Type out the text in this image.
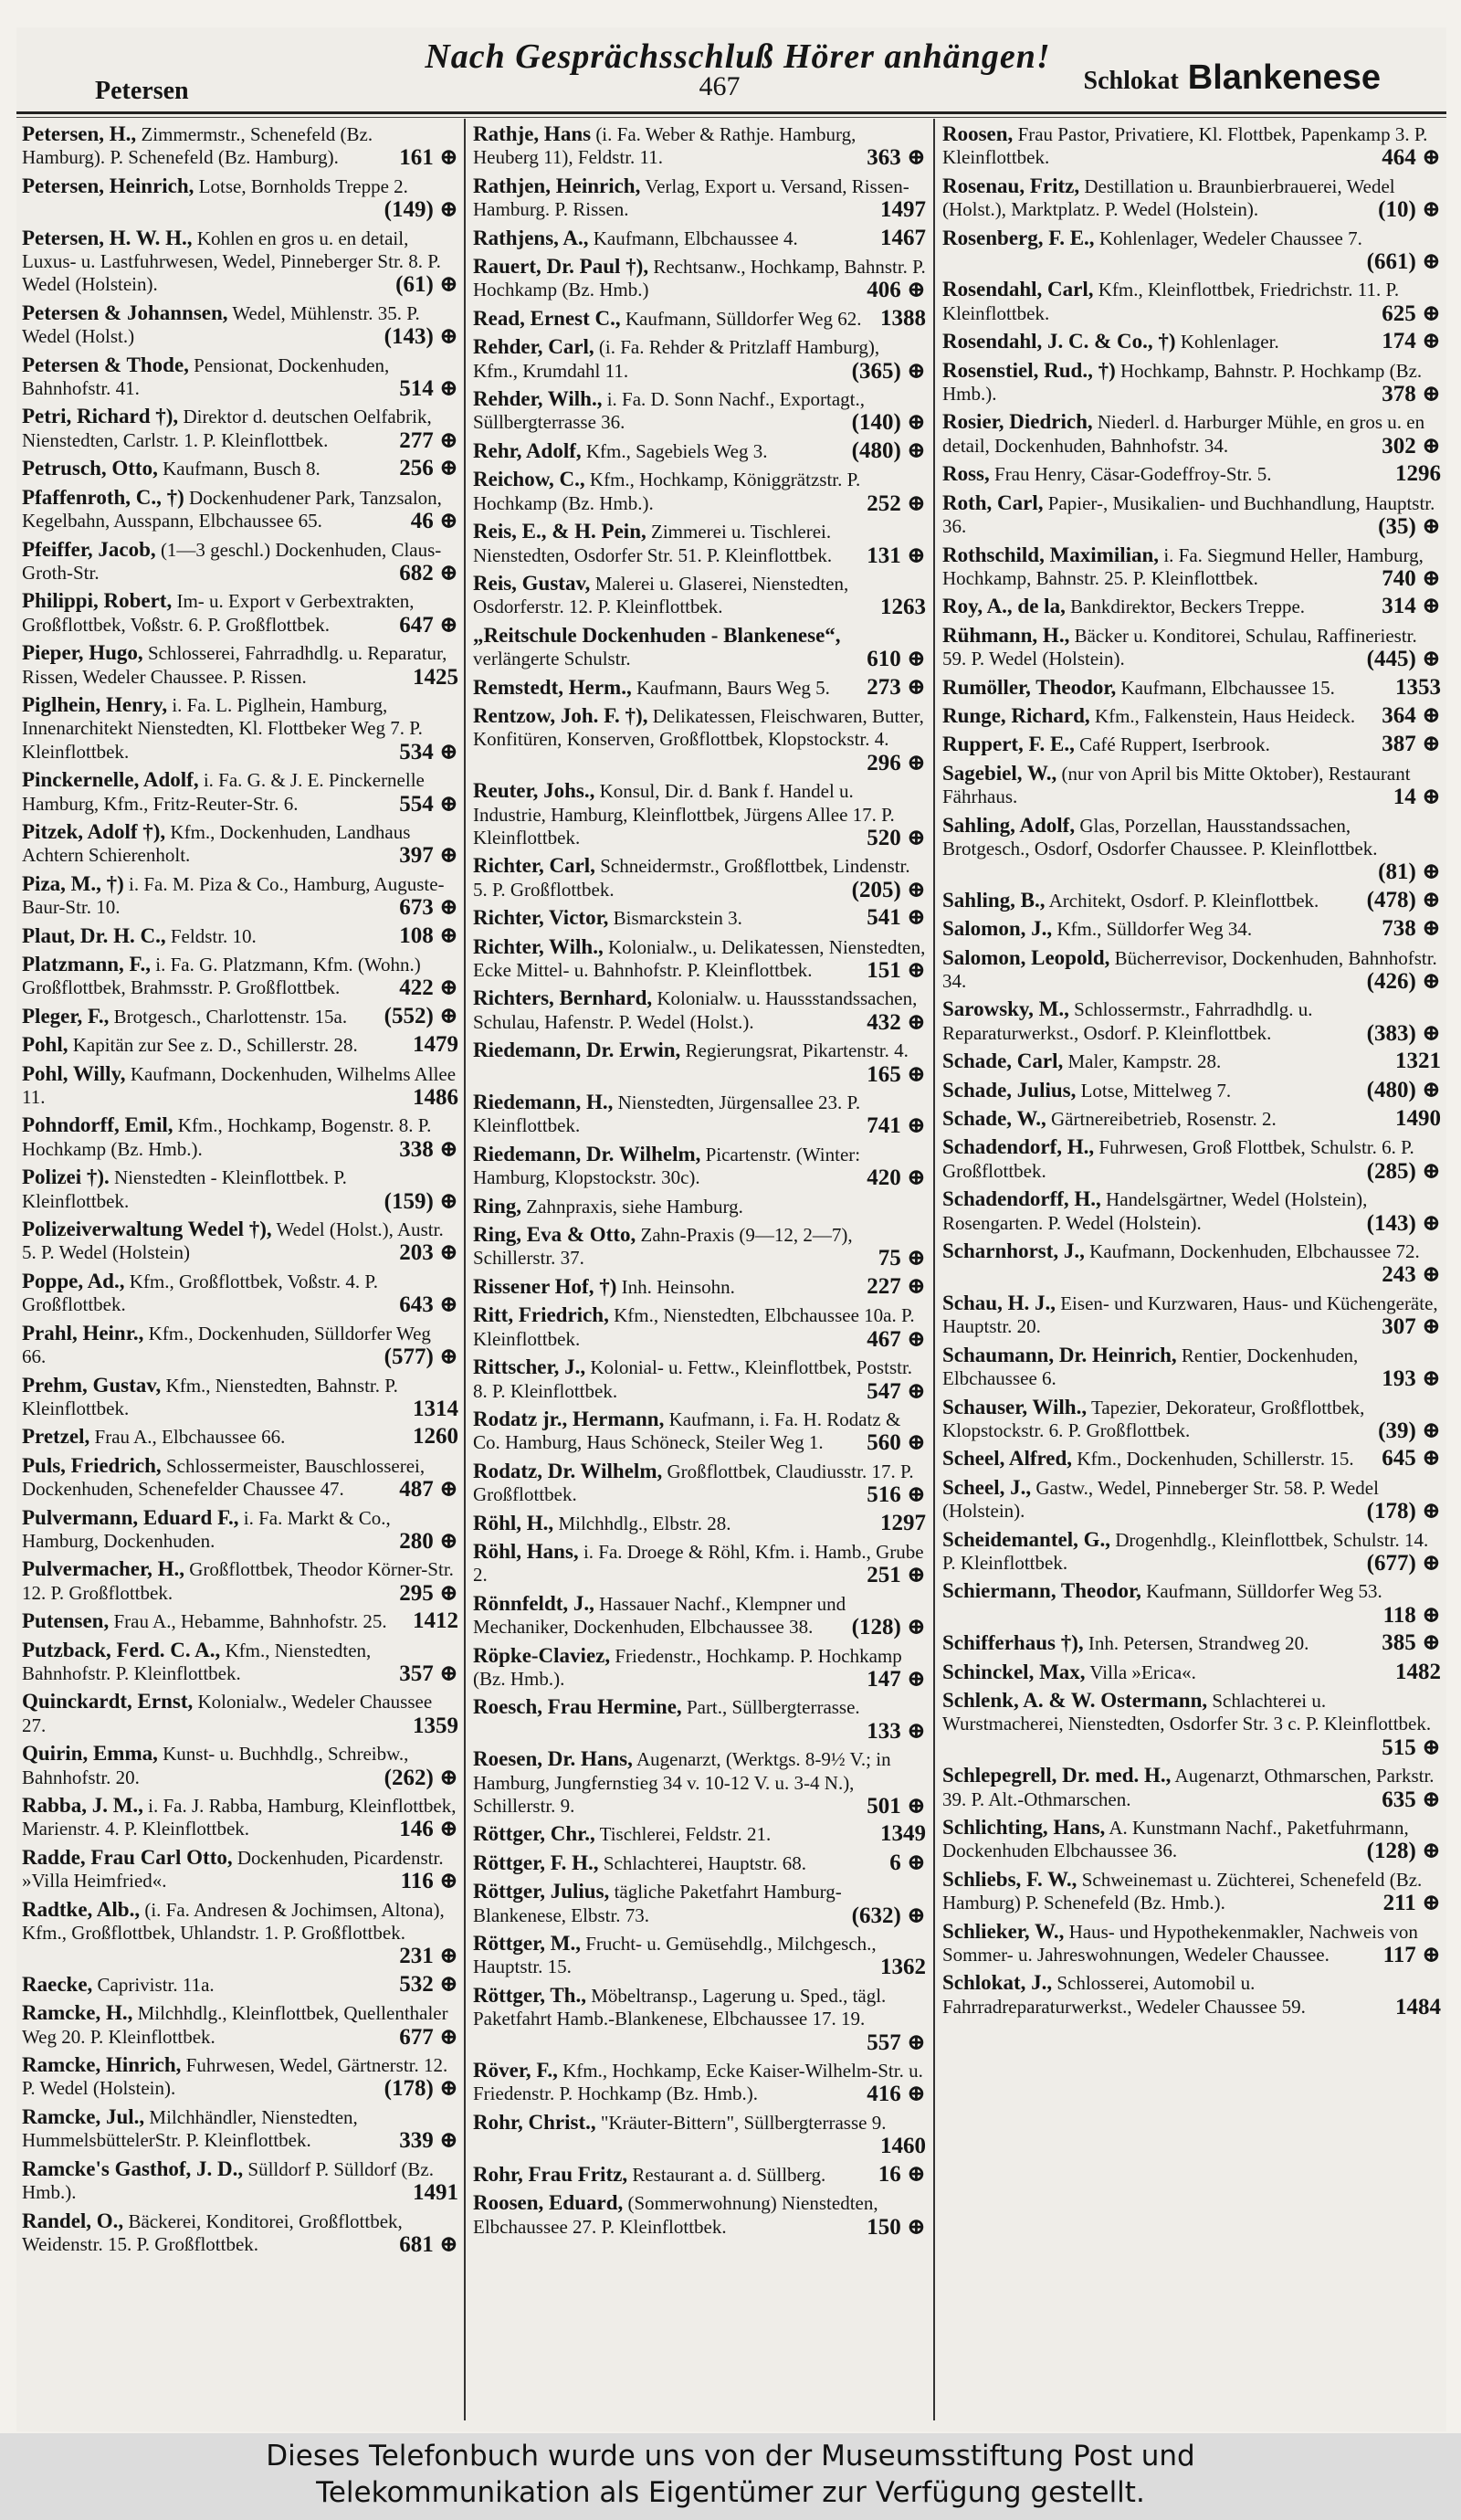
Nach Gesprächsschluß Hörer anhängen!
Petersen	467	Schlokat Blankenese
Petersen, H., Zimmermstr., Schenefeld (Bz. Hamburg). P. Schenefeld (Bz. Hamburg).	161 ⊕
Petersen, Heinrich, Lotse, Bornholds Treppe 2.
(149) ⊕
Petersen, H. W. H., Kohlen en gros u. en detail, Luxus- u. Lastfuhrwesen, Wedel, Pinneberger Str. 8. P. Wedel (Holstein).	(61) ⊕
Petersen & Johannsen, Wedel, Mühlenstr. 35. P. Wedel (Holst.)	(143) ⊕
Petersen & Thode, Pensionat, Dockenhuden, Bahnhofstr. 41.	514 ⊕
Petri, Richard †), Direktor d. deutschen Oelfabrik, Nienstedten, Carlstr. 1. P. Kleinflottbek.	277 ⊕
Petrusch, Otto, Kaufmann, Busch 8.	256 ⊕
Pfaffenroth, C., †) Dockenhudener Park, Tanzsalon, Kegelbahn, Ausspann, Elbchaussee 65.	46 ⊕
Pfeiffer, Jacob, (1—3 geschl.) Dockenhuden, Claus-Groth-Str.	682 ⊕
Philippi, Robert, Im- u. Export v Gerbextrakten, Großflottbek, Voßstr. 6. P. Großflottbek.	647 ⊕
Pieper, Hugo, Schlosserei, Fahrradhdlg. u. Reparatur, Rissen, Wedeler Chaussee. P. Rissen.	1425
Piglhein, Henry, i. Fa. L. Piglhein, Hamburg, Innenarchitekt Nienstedten, Kl. Flottbeker Weg 7. P. Kleinflottbek.	534 ⊕
Pinckernelle, Adolf, i. Fa. G. & J. E. Pinckernelle Hamburg, Kfm., Fritz-Reuter-Str. 6.	554 ⊕
Pitzek, Adolf †), Kfm., Dockenhuden, Landhaus Achtern Schierenholt.	397 ⊕
Piza, M., †) i. Fa. M. Piza & Co., Hamburg, Auguste-Baur-Str. 10.	673 ⊕
Plaut, Dr. H. C., Feldstr. 10.	108 ⊕
Platzmann, F., i. Fa. G. Platzmann, Kfm. (Wohn.) Großflottbek, Brahmsstr. P. Großflottbek.	422 ⊕
Pleger, F., Brotgesch., Charlottenstr. 15a. (552) ⊕
Pohl, Kapitän zur See z. D., Schillerstr. 28. 1479
Pohl, Willy, Kaufmann, Dockenhuden, Wilhelms Allee 11.	1486
Pohndorff, Emil, Kfm., Hochkamp, Bogenstr. 8. P. Hochkamp (Bz. Hmb.).	338 ⊕
Polizei †). Nienstedten - Kleinflottbek. P. Kleinflottbek.	(159) ⊕
Polizeiverwaltung Wedel †), Wedel (Holst.), Austr. 5. P. Wedel (Holstein)	203 ⊕
Poppe, Ad., Kfm., Großflottbek, Voßstr. 4. P. Großflottbek.	643 ⊕
Prahl, Heinr., Kfm., Dockenhuden, Sülldorfer Weg 66.	(577) ⊕
Prehm, Gustav, Kfm., Nienstedten, Bahnstr. P. Kleinflottbek.	1314
Pretzel, Frau A., Elbchaussee 66.	1260
Puls, Friedrich, Schlossermeister, Bauschlosserei, Dockenhuden, Schenefelder Chaussee 47. 487 ⊕
Pulvermann, Eduard F., i. Fa. Markt & Co., Hamburg, Dockenhuden.	280 ⊕
Pulvermacher, H., Großflottbek, Theodor Körner-Str. 12. P. Großflottbek.	295 ⊕
Putensen, Frau A., Hebamme, Bahnhofstr. 25. 1412
Putzback, Ferd. C. A., Kfm., Nienstedten, Bahnhofstr. P. Kleinflottbek.	357 ⊕
Quinckardt, Ernst, Kolonialw., Wedeler Chaussee 27.	1359
Quirin, Emma, Kunst- u. Buchhdlg., Schreibw., Bahnhofstr. 20.	(262) ⊕
Rabba, J. M., i. Fa. J. Rabba, Hamburg, Kleinflottbek, Marienstr. 4. P. Kleinflottbek.	146 ⊕
Radde, Frau Carl Otto, Dockenhuden, Picardenstr. »Villa Heimfried«.	116 ⊕
Radtke, Alb., (i. Fa. Andresen & Jochimsen, Altona), Kfm., Großflottbek, Uhlandstr. 1. P. Großflottbek.
231 ⊕
Raecke, Caprivistr. 11a.	532 ⊕
Ramcke, H., Milchhdlg., Kleinflottbek, Quellenthaler Weg 20. P. Kleinflottbek.	677 ⊕
Ramcke, Hinrich, Fuhrwesen, Wedel, Gärtnerstr. 12. P. Wedel (Holstein).	(178) ⊕
Ramcke, Jul., Milchhändler, Nienstedten, HummelsbüttelerStr. P. Kleinflottbek.	339 ⊕
Ramcke's Gasthof, J. D., Sülldorf P. Sülldorf (Bz. Hmb.).	1491
Randel, O., Bäckerei, Konditorei, Großflottbek, Weidenstr. 15. P. Großflottbek.	681 ⊕
Rathje, Hans (i. Fa. Weber & Rathje. Hamburg, Heuberg 11), Feldstr. 11.	363 ⊕
Rathjen, Heinrich, Verlag, Export u. Versand, Rissen-Hamburg. P. Rissen.	1497
Rathjens, A., Kaufmann, Elbchaussee 4.	1467
Rauert, Dr. Paul †), Rechtsanw., Hochkamp, Bahnstr. P. Hochkamp (Bz. Hmb.)	406 ⊕
Read, Ernest C., Kaufmann, Sülldorfer Weg 62. 1388
Rehder, Carl, (i. Fa. Rehder & Pritzlaff Hamburg), Kfm., Krumdahl 11.	(365) ⊕
Rehder, Wilh., i. Fa. D. Sonn Nachf., Exportagt., Süllbergterrasse 36.	(140) ⊕
Rehr, Adolf, Kfm., Sagebiels Weg 3.	(480) ⊕
Reichow, C., Kfm., Hochkamp, Königgrätzstr. P. Hochkamp (Bz. Hmb.).	252 ⊕
Reis, E., & H. Pein, Zimmerei u. Tischlerei. Nienstedten, Osdorfer Str. 51. P. Kleinflottbek. 131 ⊕
Reis, Gustav, Malerei u. Glaserei, Nienstedten, Osdorferstr. 12. P. Kleinflottbek.	1263
„Reitschule Dockenhuden - Blankenese“, verlängerte Schulstr.	610 ⊕
Remstedt, Herm., Kaufmann, Baurs Weg 5. 273 ⊕
Rentzow, Joh. F. †), Delikatessen, Fleischwaren, Butter, Konfitüren, Konserven, Großflottbek, Klopstockstr. 4.
296 ⊕
Reuter, Johs., Konsul, Dir. d. Bank f. Handel u. Industrie, Hamburg, Kleinflottbek, Jürgens Allee 17. P. Kleinflottbek.	520 ⊕
Richter, Carl, Schneidermstr., Großflottbek, Lindenstr. 5. P. Großflottbek.	(205) ⊕
Richter, Victor, Bismarckstein 3.	541 ⊕
Richter, Wilh., Kolonialw., u. Delikatessen, Nienstedten, Ecke Mittel- u. Bahnhofstr. P. Kleinflottbek. 151 ⊕
Richters, Bernhard, Kolonialw. u. Haussstandssachen, Schulau, Hafenstr. P. Wedel (Holst.).	432 ⊕
Riedemann, Dr. Erwin, Regierungsrat, Pikartenstr. 4.
165 ⊕
Riedemann, H., Nienstedten, Jürgensallee 23. P. Kleinflottbek.	741 ⊕
Riedemann, Dr. Wilhelm, Picartenstr. (Winter: Hamburg, Klopstockstr. 30c).	420 ⊕
Ring, Zahnpraxis, siehe Hamburg.
Ring, Eva & Otto, Zahn-Praxis (9—12, 2—7), Schillerstr. 37.	75 ⊕
Rissener Hof, †) Inh. Heinsohn.	227 ⊕
Ritt, Friedrich, Kfm., Nienstedten, Elbchaussee 10a. P. Kleinflottbek.	467 ⊕
Rittscher, J., Kolonial- u. Fettw., Kleinflottbek, Poststr. 8. P. Kleinflottbek.	547 ⊕
Rodatz jr., Hermann, Kaufmann, i. Fa. H. Rodatz & Co. Hamburg, Haus Schöneck, Steiler Weg 1. 560 ⊕
Rodatz, Dr. Wilhelm, Großflottbek, Claudiusstr. 17. P. Großflottbek.	516 ⊕
Röhl, H., Milchhdlg., Elbstr. 28.	1297
Röhl, Hans, i. Fa. Droege & Röhl, Kfm. i. Hamb., Grube 2.	251 ⊕
Rönnfeldt, J., Hassauer Nachf., Klempner und Mechaniker, Dockenhuden, Elbchaussee 38. (128) ⊕
Röpke-Claviez, Friedenstr., Hochkamp. P. Hochkamp (Bz. Hmb.).	147 ⊕
Roesch, Frau Hermine, Part., Süllbergterrasse.
133 ⊕
Roesen, Dr. Hans, Augenarzt, (Werktgs. 8-9½ V.; in Hamburg, Jungfernstieg 34 v. 10-12 V. u. 3-4 N.), Schillerstr. 9.	501 ⊕
Röttger, Chr., Tischlerei, Feldstr. 21.	1349
Röttger, F. H., Schlachterei, Hauptstr. 68.	6 ⊕
Röttger, Julius, tägliche Paketfahrt Hamburg-Blankenese, Elbstr. 73.	(632) ⊕
Röttger, M., Frucht- u. Gemüsehdlg., Milchgesch., Hauptstr. 15.	1362
Röttger, Th., Möbeltransp., Lagerung u. Sped., tägl. Paketfahrt Hamb.-Blankenese, Elbchaussee 17. 19.
557 ⊕
Röver, F., Kfm., Hochkamp, Ecke Kaiser-Wilhelm-Str. u. Friedenstr. P. Hochkamp (Bz. Hmb.).	416 ⊕
Rohr, Christ., "Kräuter-Bittern", Süllbergterrasse 9.
1460
Rohr, Frau Fritz, Restaurant a. d. Süllberg. 16 ⊕
Roosen, Eduard, (Sommerwohnung) Nienstedten, Elbchaussee 27. P. Kleinflottbek.	150 ⊕
Roosen, Frau Pastor, Privatiere, Kl. Flottbek, Papenkamp 3. P. Kleinflottbek.	464 ⊕
Rosenau, Fritz, Destillation u. Braunbierbrauerei, Wedel (Holst.), Marktplatz. P. Wedel (Holstein).	(10) ⊕
Rosenberg, F. E., Kohlenlager, Wedeler Chaussee 7.
(661) ⊕
Rosendahl, Carl, Kfm., Kleinflottbek, Friedrichstr. 11. P. Kleinflottbek.	625 ⊕
Rosendahl, J. C. & Co., †) Kohlenlager.	174 ⊕
Rosenstiel, Rud., †) Hochkamp, Bahnstr. P. Hochkamp (Bz. Hmb.).	378 ⊕
Rosier, Diedrich, Niederl. d. Harburger Mühle, en gros u. en detail, Dockenhuden, Bahnhofstr. 34.	302 ⊕
Ross, Frau Henry, Cäsar-Godeffroy-Str. 5.	1296
Roth, Carl, Papier-, Musikalien- und Buchhandlung, Hauptstr. 36.	(35) ⊕
Rothschild, Maximilian, i. Fa. Siegmund Heller, Hamburg, Hochkamp, Bahnstr. 25. P. Kleinflottbek.	740 ⊕
Roy, A., de la, Bankdirektor, Beckers Treppe.	314 ⊕
Rühmann, H., Bäcker u. Konditorei, Schulau, Raffineriestr. 59. P. Wedel (Holstein).	(445) ⊕
Rumöller, Theodor, Kaufmann, Elbchaussee 15.	1353
Runge, Richard, Kfm., Falkenstein, Haus Heideck. 364 ⊕
Ruppert, F. E., Café Ruppert, Iserbrook.	387 ⊕
Sagebiel, W., (nur von April bis Mitte Oktober), Restaurant Fährhaus.	14 ⊕
Sahling, Adolf, Glas, Porzellan, Hausstandssachen, Brotgesch., Osdorf, Osdorfer Chaussee. P. Kleinflottbek.
(81) ⊕
Sahling, B., Architekt, Osdorf. P. Kleinflottbek. (478) ⊕
Salomon, J., Kfm., Sülldorfer Weg 34.	738 ⊕
Salomon, Leopold, Bücherrevisor, Dockenhuden, Bahnhofstr. 34.	(426) ⊕
Sarowsky, M., Schlossermstr., Fahrradhdlg. u. Reparaturwerkst., Osdorf. P. Kleinflottbek.	(383) ⊕
Schade, Carl, Maler, Kampstr. 28.	1321
Schade, Julius, Lotse, Mittelweg 7.	(480) ⊕
Schade, W., Gärtnereibetrieb, Rosenstr. 2.	1490
Schadendorf, H., Fuhrwesen, Groß Flottbek, Schulstr. 6. P. Großflottbek.	(285) ⊕
Schadendorff, H., Handelsgärtner, Wedel (Holstein), Rosengarten. P. Wedel (Holstein).	(143) ⊕
Scharnhorst, J., Kaufmann, Dockenhuden, Elbchaussee 72.
243 ⊕
Schau, H. J., Eisen- und Kurzwaren, Haus- und Küchengeräte, Hauptstr. 20.	307 ⊕
Schaumann, Dr. Heinrich, Rentier, Dockenhuden, Elbchaussee 6.	193 ⊕
Schauser, Wilh., Tapezier, Dekorateur, Großflottbek, Klopstockstr. 6. P. Großflottbek.	(39) ⊕
Scheel, Alfred, Kfm., Dockenhuden, Schillerstr. 15. 645 ⊕
Scheel, J., Gastw., Wedel, Pinneberger Str. 58. P. Wedel (Holstein).	(178) ⊕
Scheidemantel, G., Drogenhdlg., Kleinflottbek, Schulstr. 14. P. Kleinflottbek.	(677) ⊕
Schiermann, Theodor, Kaufmann, Sülldorfer Weg 53.
118 ⊕
Schifferhaus †), Inh. Petersen, Strandweg 20.	385 ⊕
Schinckel, Max, Villa »Erica«.	1482
Schlenk, A. & W. Ostermann, Schlachterei u. Wurstmacherei, Nienstedten, Osdorfer Str. 3 c. P. Kleinflottbek.
515 ⊕
Schlepegrell, Dr. med. H., Augenarzt, Othmarschen, Parkstr. 39. P. Alt.-Othmarschen.	635 ⊕
Schlichting, Hans, A. Kunstmann Nachf., Paketfuhrmann, Dockenhuden Elbchaussee 36.	(128) ⊕
Schliebs, F. W., Schweinemast u. Züchterei, Schenefeld (Bz. Hamburg) P. Schenefeld (Bz. Hmb.).	211 ⊕
Schlieker, W., Haus- und Hypothekenmakler, Nachweis von Sommer- u. Jahreswohnungen, Wedeler Chaussee. 117 ⊕
Schlokat, J., Schlosserei, Automobil u. Fahrradreparaturwerkst., Wedeler Chaussee 59.	1484
Dieses Telefonbuch wurde uns von der Museumsstiftung Post und
Telekommunikation als Eigentümer zur Verfügung gestellt.
